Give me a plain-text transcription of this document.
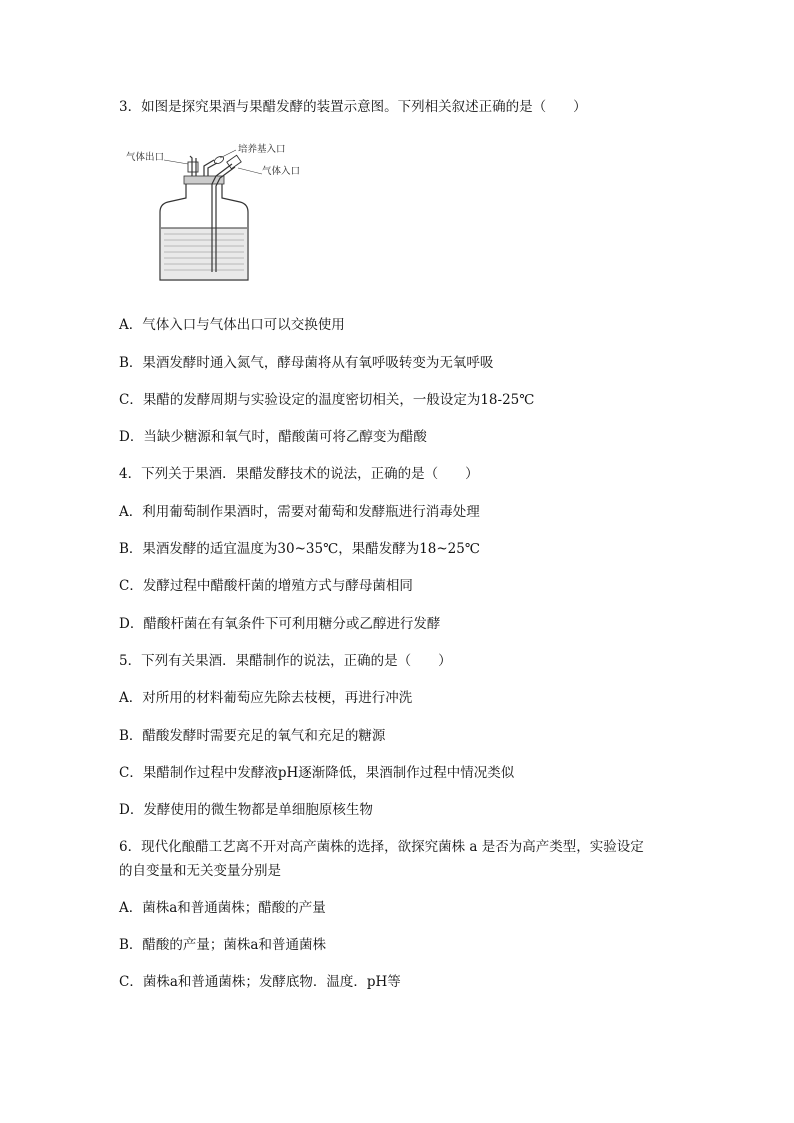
3．如图是探究果酒与果醋发酵的装置示意图。下列相关叙述正确的是（　　）
气体出口
培养基入口
气体入口
A．气体入口与气体出口可以交换使用
B．果酒发酵时通入氮气，酵母菌将从有氧呼吸转变为无氧呼吸
C．果醋的发酵周期与实验设定的温度密切相关，一般设定为18-25℃
D．当缺少糖源和氧气时，醋酸菌可将乙醇变为醋酸
4．下列关于果酒．果醋发酵技术的说法，正确的是（　　）
A．利用葡萄制作果酒时，需要对葡萄和发酵瓶进行消毒处理
B．果酒发酵的适宜温度为30~35℃，果醋发酵为18~25℃
C．发酵过程中醋酸杆菌的增殖方式与酵母菌相同
D．醋酸杆菌在有氧条件下可利用糖分或乙醇进行发酵
5．下列有关果酒．果醋制作的说法，正确的是（　　）
A．对所用的材料葡萄应先除去枝梗，再进行冲洗
B．醋酸发酵时需要充足的氧气和充足的糖源
C．果醋制作过程中发酵液pH逐渐降低，果酒制作过程中情况类似
D．发酵使用的微生物都是单细胞原核生物
6．现代化酿醋工艺离不开对高产菌株的选择，欲探究菌株 a 是否为高产类型，实验设定
的自变量和无关变量分别是
A．菌株a和普通菌株；醋酸的产量
B．醋酸的产量；菌株a和普通菌株
C．菌株a和普通菌株；发酵底物．温度．pH等
